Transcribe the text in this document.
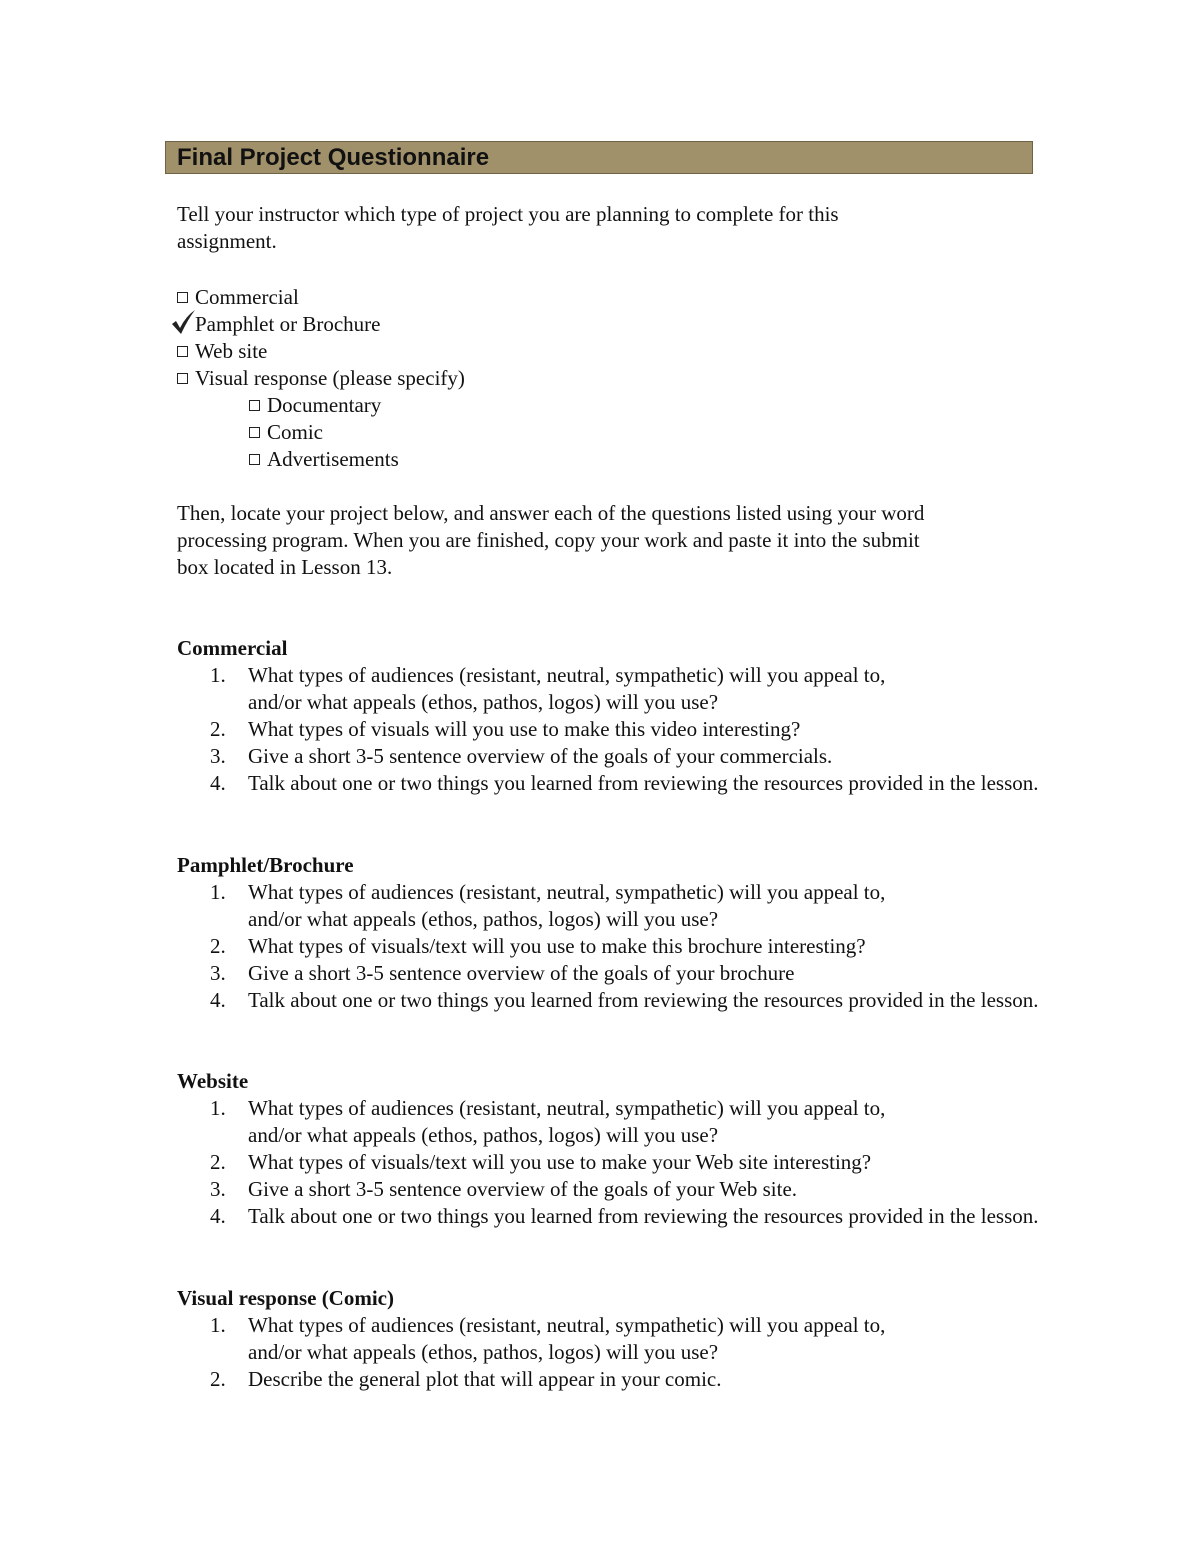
Final Project Questionnaire

Tell your instructor which type of project you are planning to complete for this
assignment.

Commercial
Pamphlet or Brochure
Web site
Visual response (please specify)
Documentary
Comic
Advertisements

Then, locate your project below, and answer each of the questions listed using your word
processing program. When you are finished, copy your work and paste it into the submit
box located in Lesson 13.

Commercial

1. What types of audiences (resistant, neutral, sympathetic) will you appeal to,
and/or what appeals (ethos, pathos, logos) will you use?
2. What types of visuals will you use to make this video interesting?
3. Give a short 3-5 sentence overview of the goals of your commercials.
4. Talk about one or two things you learned from reviewing the resources provided in the lesson.

Pamphlet/Brochure

1. What types of audiences (resistant, neutral, sympathetic) will you appeal to,
and/or what appeals (ethos, pathos, logos) will you use?
2. What types of visuals/text will you use to make this brochure interesting?
3. Give a short 3-5 sentence overview of the goals of your brochure
4. Talk about one or two things you learned from reviewing the resources provided in the lesson.

Website

1. What types of audiences (resistant, neutral, sympathetic) will you appeal to,
and/or what appeals (ethos, pathos, logos) will you use?
2. What types of visuals/text will you use to make your Web site interesting?
3. Give a short 3-5 sentence overview of the goals of your Web site.
4. Talk about one or two things you learned from reviewing the resources provided in the lesson.

Visual response (Comic)

1. What types of audiences (resistant, neutral, sympathetic) will you appeal to,
and/or what appeals (ethos, pathos, logos) will you use?
2. Describe the general plot that will appear in your comic.
